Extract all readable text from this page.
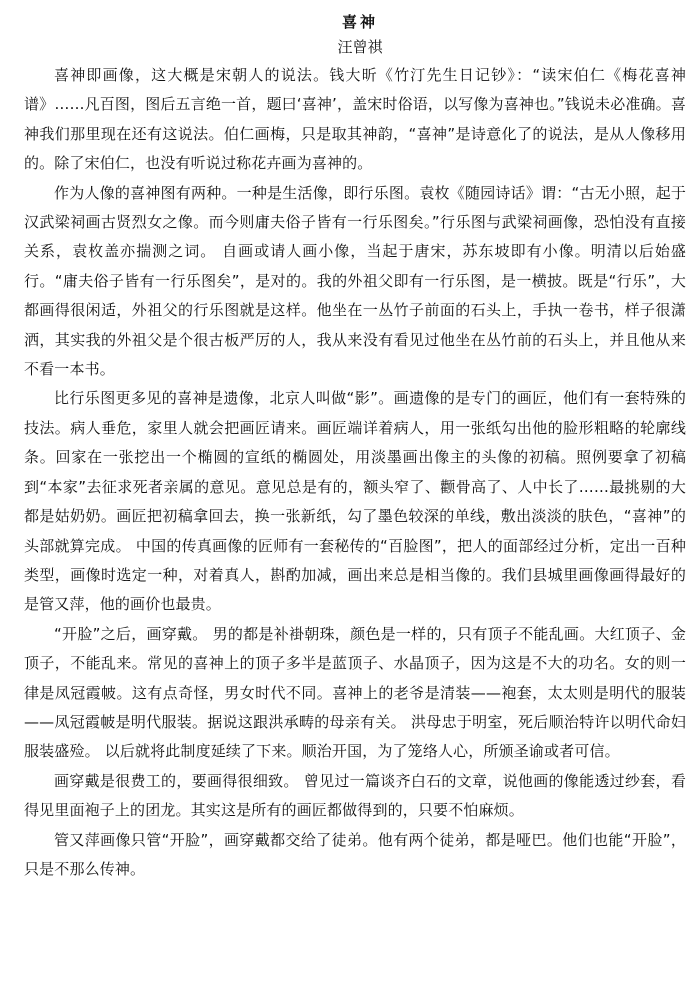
喜神
汪曾祺

喜神即画像，这大概是宋朝人的说法。钱大昕《竹汀先生日记钞》：“读宋伯仁《梅花喜神谱》……凡百图，图后五言绝一首，题曰‘喜神’，盖宋时俗语，以写像为喜神也。”钱说未必准确。喜神我们那里现在还有这说法。伯仁画梅，只是取其神韵，“喜神”是诗意化了的说法，是从人像移用的。除了宋伯仁，也没有听说过称花卉画为喜神的。

作为人像的喜神图有两种。一种是生活像，即行乐图。袁枚《随园诗话》谓：“古无小照，起于汉武梁祠画古贤烈女之像。而今则庸夫俗子皆有一行乐图矣。”行乐图与武梁祠画像，恐怕没有直接关系，袁枚盖亦揣测之词。 自画或请人画小像，当起于唐宋，苏东坡即有小像。明清以后始盛行。“庸夫俗子皆有一行乐图矣”，是对的。我的外祖父即有一行乐图，是一横披。既是“行乐”，大都画得很闲适，外祖父的行乐图就是这样。他坐在一丛竹子前面的石头上，手执一卷书，样子很潇洒，其实我的外祖父是个很古板严厉的人，我从来没有看见过他坐在丛竹前的石头上，并且他从来不看一本书。

比行乐图更多见的喜神是遗像，北京人叫做“影”。画遗像的是专门的画匠，他们有一套特殊的技法。病人垂危，家里人就会把画匠请来。画匠端详着病人，用一张纸勾出他的脸形粗略的轮廓线条。回家在一张挖出一个椭圆的宣纸的椭圆处，用淡墨画出像主的头像的初稿。照例要拿了初稿到“本家”去征求死者亲属的意见。意见总是有的，额头窄了、颧骨高了、人中长了……最挑剔的大都是姑奶奶。画匠把初稿拿回去，换一张新纸，勾了墨色较深的单线，敷出淡淡的肤色，“喜神”的头部就算完成。 中国的传真画像的匠师有一套秘传的“百脸图”，把人的面部经过分析，定出一百种类型，画像时选定一种，对着真人，斟酌加减，画出来总是相当像的。我们县城里画像画得最好的是管又萍，他的画价也最贵。

“开脸”之后，画穿戴。 男的都是补褂朝珠，颜色是一样的，只有顶子不能乱画。大红顶子、金顶子，不能乱来。常见的喜神上的顶子多半是蓝顶子、水晶顶子，因为这是不大的功名。女的则一律是凤冠霞帔。这有点奇怪，男女时代不同。喜神上的老爷是清装——袍套，太太则是明代的服装——凤冠霞帔是明代服装。据说这跟洪承畴的母亲有关。 洪母忠于明室，死后顺治特许以明代命妇服装盛殓。 以后就将此制度延续了下来。顺治开国，为了笼络人心，所颁圣谕或者可信。

画穿戴是很费工的，要画得很细致。 曾见过一篇谈齐白石的文章，说他画的像能透过纱套，看得见里面袍子上的团龙。其实这是所有的画匠都做得到的，只要不怕麻烦。

管又萍画像只管“开脸”，画穿戴都交给了徒弟。他有两个徒弟，都是哑巴。他们也能“开脸”，只是不那么传神。
